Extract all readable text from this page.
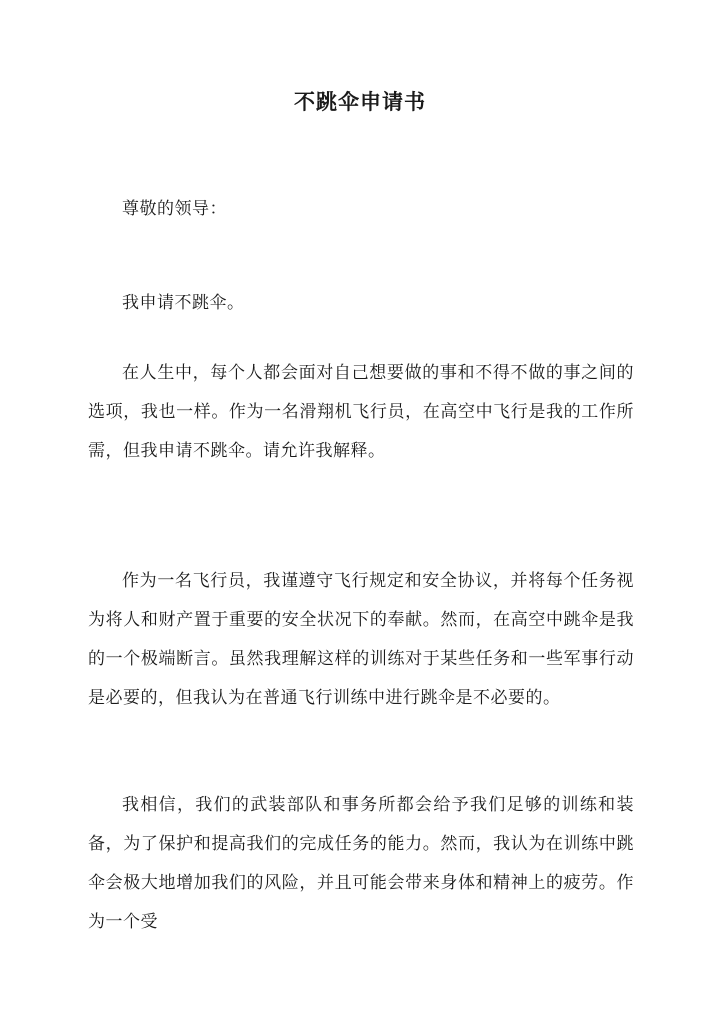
不跳伞申请书

尊敬的领导：

我申请不跳伞。

在人生中，每个人都会面对自己想要做的事和不得不做的事之间的选项，我也一样。作为一名滑翔机飞行员，在高空中飞行是我的工作所需，但我申请不跳伞。请允许我解释。

作为一名飞行员，我谨遵守飞行规定和安全协议，并将每个任务视为将人和财产置于重要的安全状况下的奉献。然而，在高空中跳伞是我的一个极端断言。虽然我理解这样的训练对于某些任务和一些军事行动是必要的，但我认为在普通飞行训练中进行跳伞是不必要的。

我相信，我们的武装部队和事务所都会给予我们足够的训练和装备，为了保护和提高我们的完成任务的能力。然而，我认为在训练中跳伞会极大地增加我们的风险，并且可能会带来身体和精神上的疲劳。作为一个受
